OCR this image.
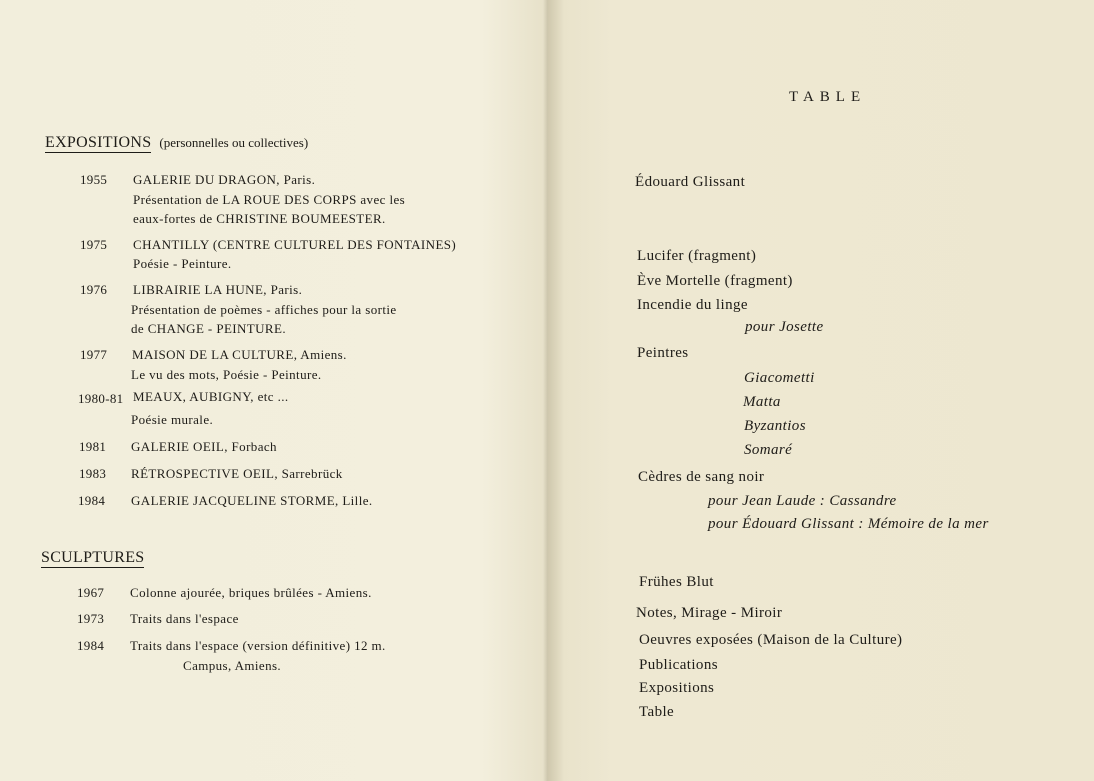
EXPOSITIONS (personnelles ou collectives)
1955 GALERIE DU DRAGON, Paris.
Présentation de LA ROUE DES CORPS avec les
eaux-fortes de CHRISTINE BOUMEESTER.
1975 CHANTILLY (CENTRE CULTUREL DES FONTAINES)
Poésie - Peinture.
1976 LIBRAIRIE LA HUNE, Paris.
Présentation de poèmes - affiches pour la sortie
de CHANGE - PEINTURE.
1977 MAISON DE LA CULTURE, Amiens.
Le vu des mots, Poésie - Peinture.
1980-81 MEAUX, AUBIGNY, etc ...
Poésie murale.
1981 GALERIE OEIL, Forbach
1983 RÉTROSPECTIVE OEIL, Sarrebrück
1984 GALERIE JACQUELINE STORME, Lille.
SCULPTURES
1967 Colonne ajourée, briques brûlées - Amiens.
1973 Traits dans l'espace
1984 Traits dans l'espace (version définitive) 12 m.
Campus, Amiens.
TABLE
Édouard Glissant
Lucifer (fragment)
Ève Mortelle (fragment)
Incendie du linge
pour Josette
Peintres
Giacometti
Matta
Byzantios
Somaré
Cèdres de sang noir
pour Jean Laude : Cassandre
pour Édouard Glissant : Mémoire de la mer
Frühes Blut
Notes, Mirage - Miroir
Oeuvres exposées (Maison de la Culture)
Publications
Expositions
Table
